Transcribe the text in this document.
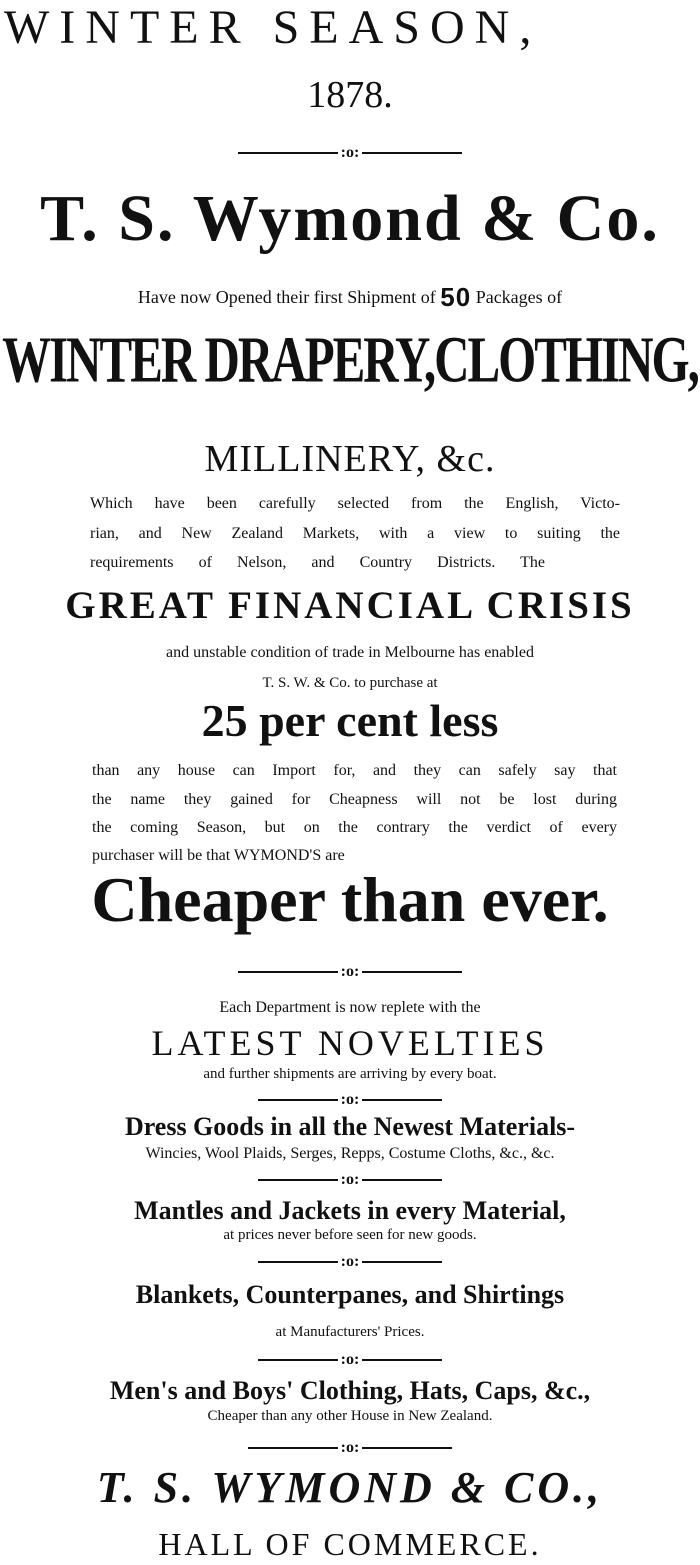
WINTER SEASON,
1878.
:o:
T. S. Wymond & Co.
Have now Opened their first Shipment of 50 Packages of
WINTER DRAPERY,CLOTHING,
MILLINERY, &c.
Which have been carefully selected from the English, Victo-
rian, and New Zealand Markets, with a view to suiting the
requirements of Nelson, and Country Districts. The
GREAT FINANCIAL CRISIS
and unstable condition of trade in Melbourne has enabled
T. S. W. & Co. to purchase at
25 per cent less
than any house can Import for, and they can safely say that
the name they gained for Cheapness will not be lost during
the coming Season, but on the contrary the verdict of every
purchaser will be that WYMOND'S are
Cheaper than ever.
:o:
Each Department is now replete with the
LATEST NOVELTIES
and further shipments are arriving by every boat.
:o:
Dress Goods in all the Newest Materials-
Wincies, Wool Plaids, Serges, Repps, Costume Cloths, &c., &c.
:o:
Mantles and Jackets in every Material,
at prices never before seen for new goods.
:o:
Blankets, Counterpanes, and Shirtings
at Manufacturers' Prices.
:o:
Men's and Boys' Clothing, Hats, Caps, &c.,
Cheaper than any other House in New Zealand.
:o:
T. S. WYMOND & CO.,
HALL OF COMMERCE.
